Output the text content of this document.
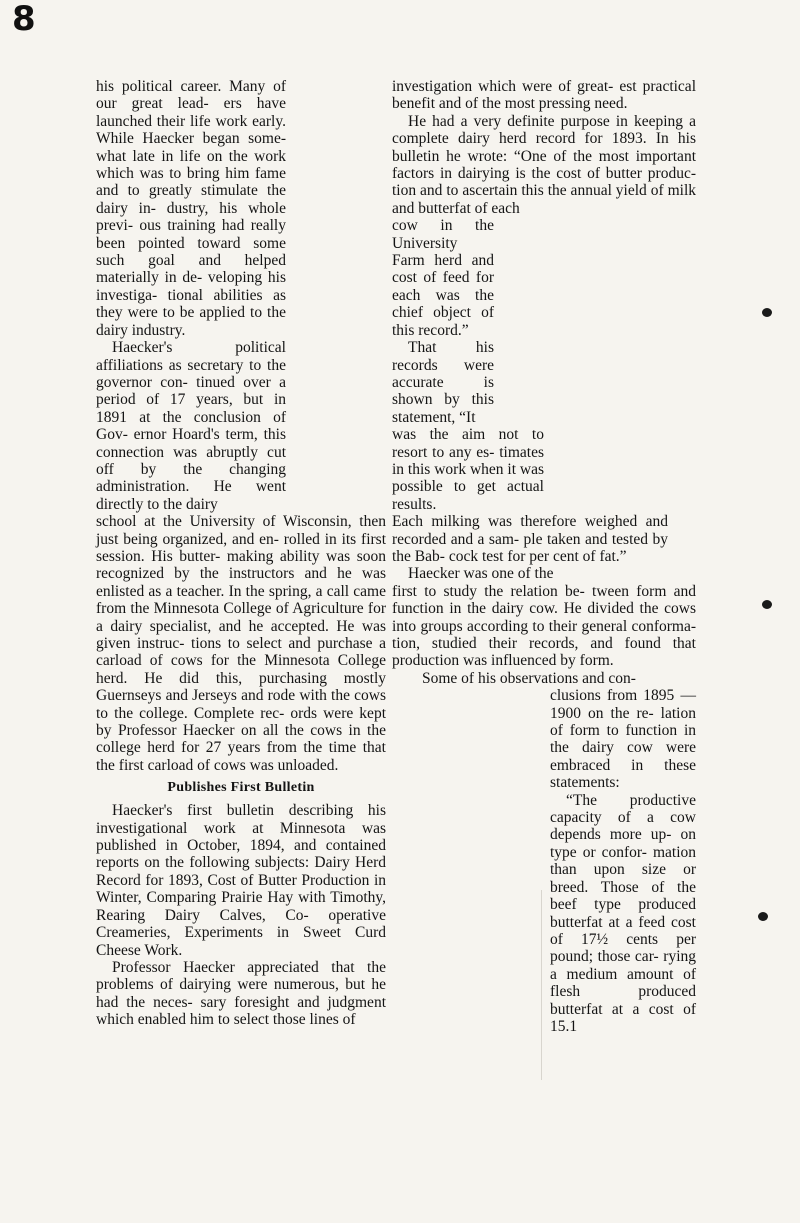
8
his political career. Many of our great lead- ers have launched their life work early. While Haecker began some- what late in life on the work which was to bring him fame and to greatly stimulate the dairy in- dustry, his whole previ- ous training had really been pointed toward some such goal and helped materially in de- veloping his investiga- tional abilities as they were to be applied to the dairy industry.
Haecker's political affiliations as secretary to the governor con- tinued over a period of 17 years, but in 1891 at the conclusion of Gov- ernor Hoard's term, this connection was abruptly cut off by the changing administration. He went directly to the dairy
school at the University of Wisconsin, then just being organized, and en- rolled in its first session. His butter- making ability was soon recognized by the instructors and he was enlisted as a teacher. In the spring, a call came from the Minnesota College of Agriculture for a dairy specialist, and he accepted. He was given instruc- tions to select and purchase a carload of cows for the Minnesota College herd. He did this, purchasing mostly Guernseys and Jerseys and rode with the cows to the college. Complete rec- ords were kept by Professor Haecker on all the cows in the college herd for 27 years from the time that the first carload of cows was unloaded.
Publishes First Bulletin
Haecker's first bulletin describing his investigational work at Minnesota was published in October, 1894, and contained reports on the following subjects: Dairy Herd Record for 1893, Cost of Butter Production in Winter, Comparing Prairie Hay with Timothy, Rearing Dairy Calves, Co- operative Creameries, Experiments in Sweet Curd Cheese Work.
Professor Haecker appreciated that the problems of dairying were numerous, but he had the neces- sary foresight and judgment which enabled him to select those lines of
investigation which were of great- est practical benefit and of the most pressing need.
He had a very definite purpose in keeping a complete dairy herd record for 1893. In his bulletin he wrote: “One of the most important factors in dairying is the cost of butter produc- tion and to ascertain this the annual yield of milk and butterfat of each
cow in the University Farm herd and cost of feed for each was the chief object of this record.”
That his records were accurate is shown by this statement, “It
was the aim not to resort to any es- timates in this work when it was possible to get actual results.
Each milking was therefore weighed and recorded and a sam- ple taken and tested by the Bab- cock test for per cent of fat.”
Haecker was one of the
first to study the relation be- tween form and function in the dairy cow. He divided the cows into groups according to their general conforma- tion, studied their records, and found that production was influenced by form.
Some of his observations and con-
clusions from 1895 —1900 on the re- lation of form to function in the dairy cow were embraced in these statements:
“The productive capacity of a cow depends more up- on type or confor- mation than upon size or breed. Those of the beef type produced butterfat at a feed cost of 17½ cents per pound; those car- rying a medium amount of flesh produced butterfat at a cost of 15.1
